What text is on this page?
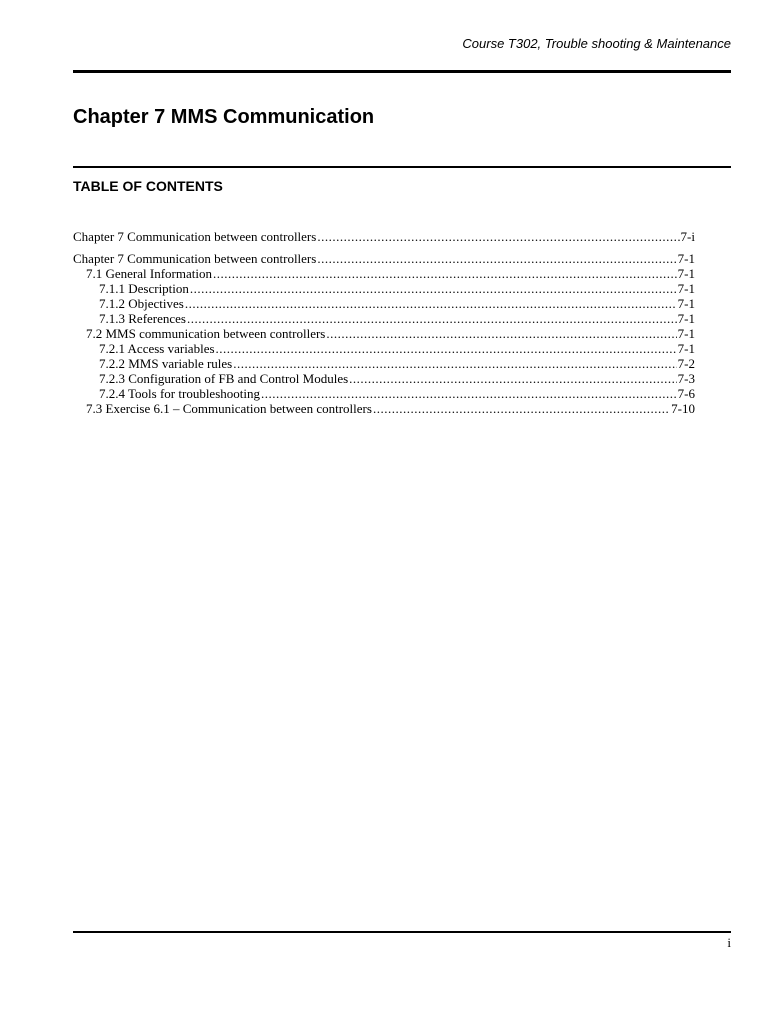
Course T302, Trouble shooting & Maintenance
Chapter 7 MMS Communication
TABLE OF CONTENTS
Chapter 7 Communication between controllers .....	7-i
Chapter 7 Communication between controllers .....	7-1
7.1 General Information .....	7-1
7.1.1 Description .....	7-1
7.1.2 Objectives .....	7-1
7.1.3 References .....	7-1
7.2 MMS communication between controllers .....	7-1
7.2.1 Access variables .....	7-1
7.2.2 MMS variable rules .....	7-2
7.2.3 Configuration of FB and Control Modules .....	7-3
7.2.4 Tools for troubleshooting .....	7-6
7.3 Exercise 6.1 – Communication between controllers .....	7-10
i
